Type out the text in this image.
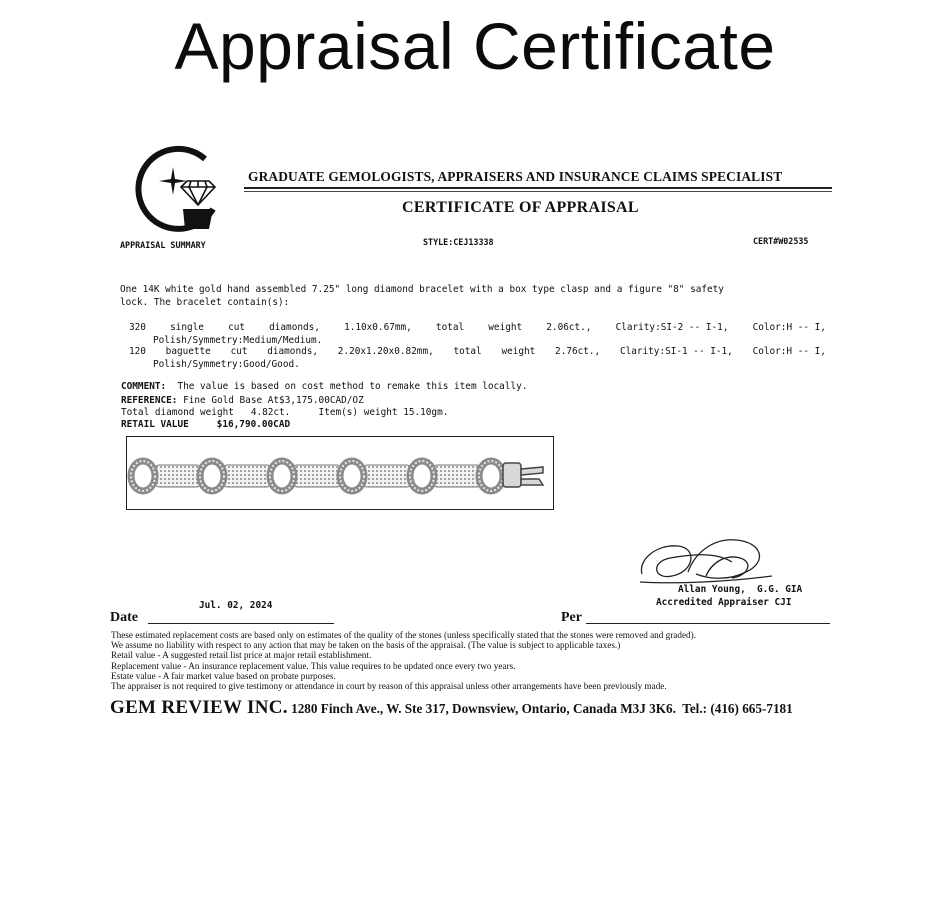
Appraisal Certificate
GRADUATE GEMOLOGISTS, APPRAISERS AND INSURANCE CLAIMS SPECIALIST
CERTIFICATE OF APPRAISAL
APPRAISAL SUMMARY	STYLE:CEJ13338	CERT#W02535
One 14K white gold hand assembled 7.25" long diamond bracelet with a box type clasp and a figure "8" safety
lock. The bracelet contain(s):
320	single	cut	diamonds,	1.10x0.67mm,	total	weight	2.06ct.,	Clarity:SI-2 -- I-1,	Color:H -- I,
Polish/Symmetry:Medium/Medium.
120 baguette cut diamonds, 2.20x1.20x0.82mm, total weight 2.76ct., Clarity:SI-1 -- I-1, Color:H -- I,
Polish/Symmetry:Good/Good.
COMMENT:  The value is based on cost method to remake this item locally.
REFERENCE: Fine Gold Base At$3,175.00CAD/OZ
Total diamond weight   4.82ct.     Item(s) weight 15.10gm.
RETAIL VALUE	$16,790.00CAD
Allan Young,  G.G. GIA
Accredited Appraiser CJI
Jul. 02, 2024
Date	Per
These estimated replacement costs are based only on estimates of the quality of the stones (unless specifically stated that the stones were removed and graded).
We assume no liability with respect to any action that may be taken on the basis of the appraisal. (The value is subject to applicable taxes.)
Retail value - A suggested retail list price at major retail establishment.
Replacement value - An insurance replacement value. This value requires to be updated once every two years.
Estate value - A fair market value based on probate purposes.
The appraiser is not required to give testimony or attendance in court by reason of this appraisal unless other arrangements have been previously made.
GEM REVIEW INC. 1280 Finch Ave., W. Ste 317, Downsview, Ontario, Canada M3J 3K6.  Tel.: (416) 665-7181
